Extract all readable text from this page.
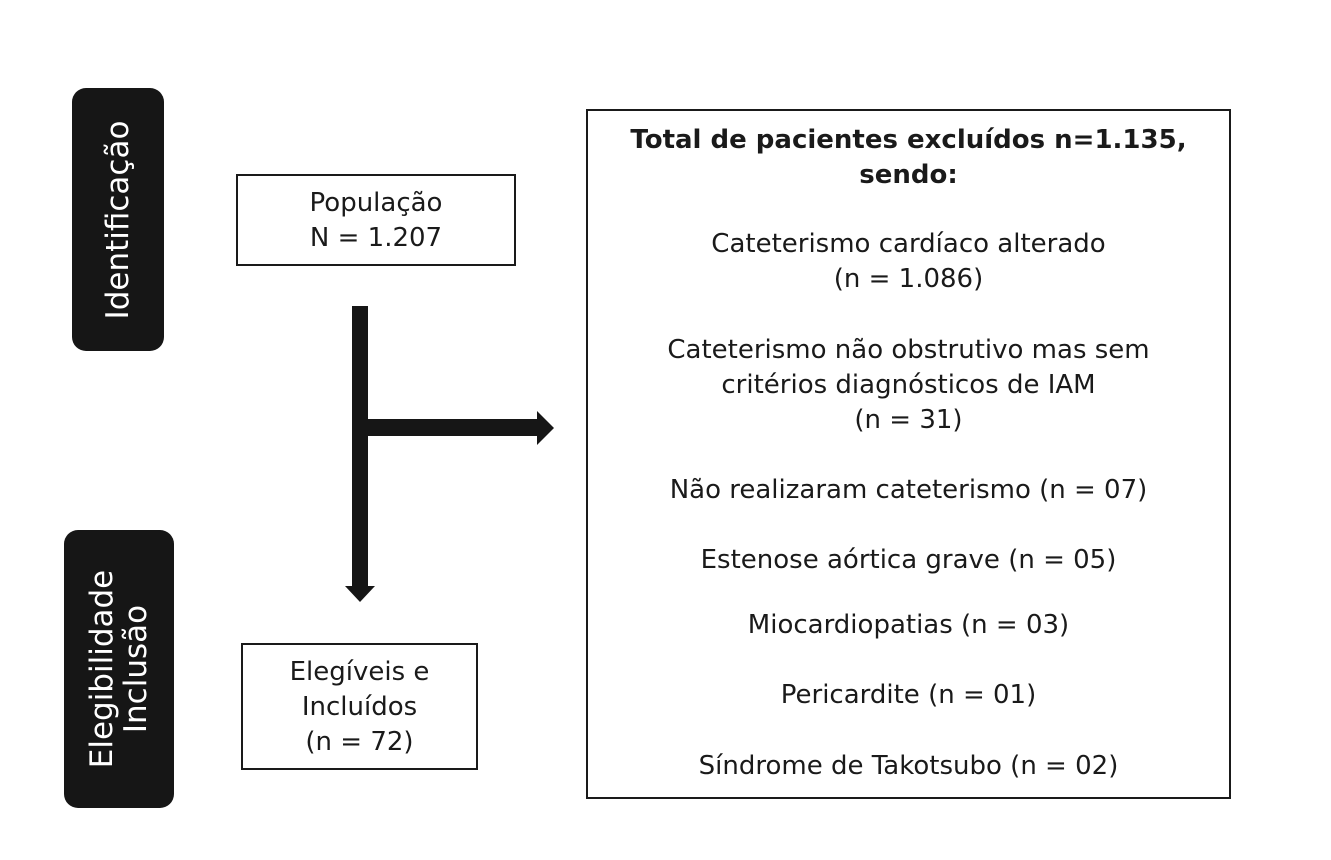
Identificação
Elegibilidade
Inclusão
População
N = 1.207
Elegíveis e
Incluídos
(n = 72)
Total de pacientes excluídos n=1.135,
sendo:
Cateterismo cardíaco alterado
(n = 1.086)
Cateterismo não obstrutivo mas sem
critérios diagnósticos de IAM
(n = 31)
Não realizaram cateterismo (n = 07)
Estenose aórtica grave (n = 05)
Miocardiopatias (n = 03)
Pericardite (n = 01)
Síndrome de Takotsubo (n = 02)
